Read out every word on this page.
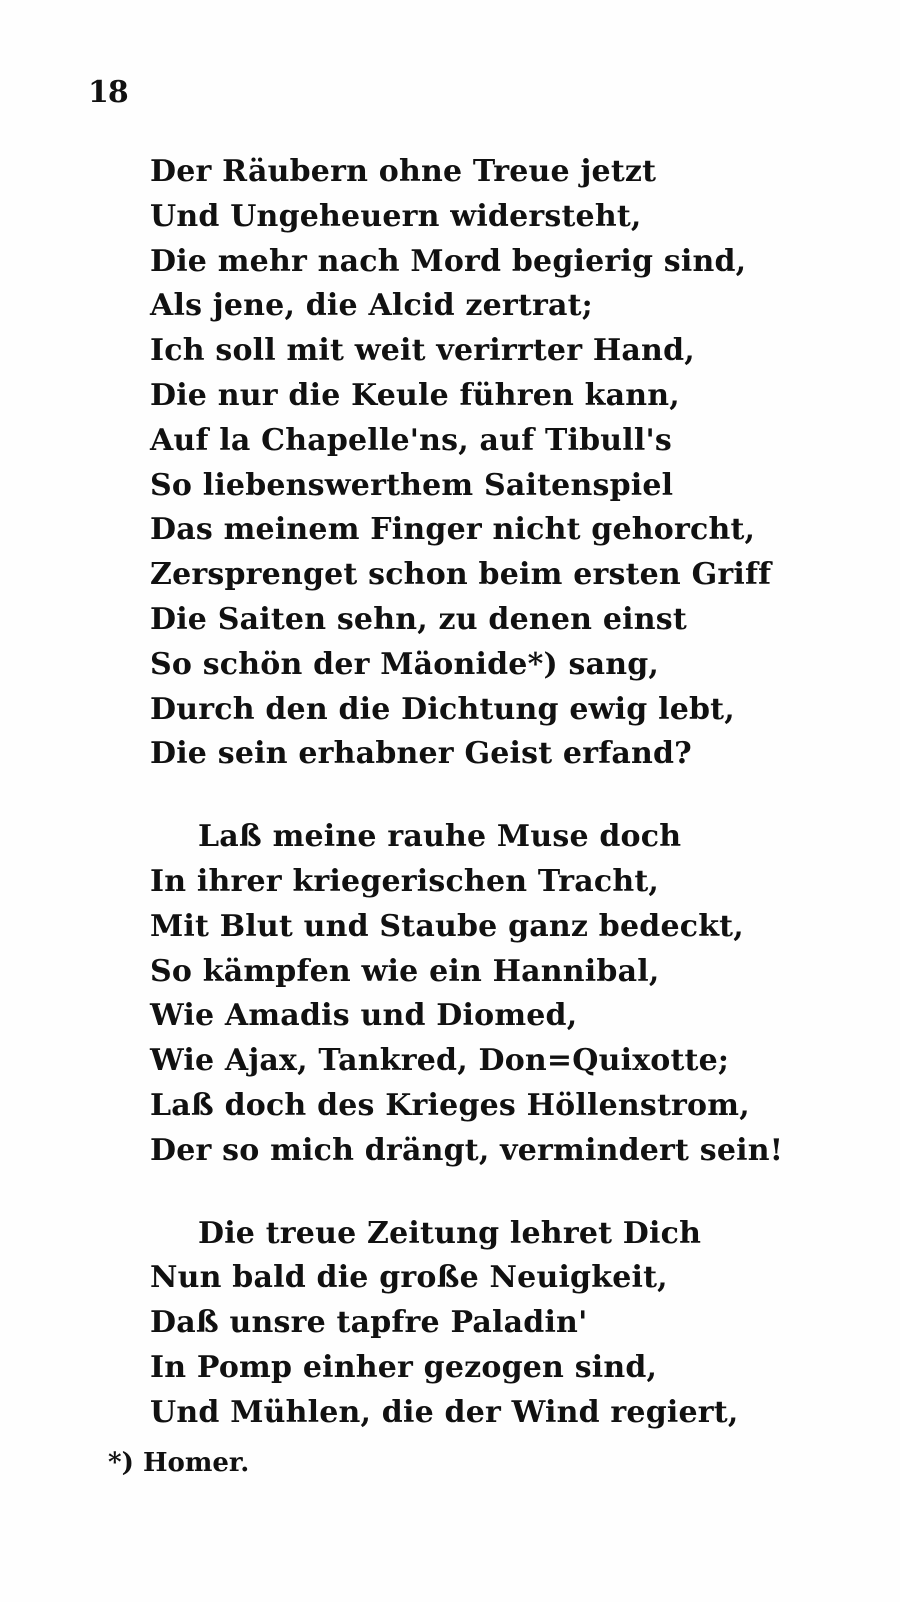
18
Der Räubern ohne Treue jetzt
Und Ungeheuern widersteht,
Die mehr nach Mord begierig sind,
Als jene, die Alcid zertrat;
Ich soll mit weit verirrter Hand,
Die nur die Keule führen kann,
Auf la Chapelle'ns, auf Tibull's
So liebenswerthem Saitenspiel
Das meinem Finger nicht gehorcht,
Zersprenget schon beim ersten Griff
Die Saiten sehn, zu denen einst
So schön der Mäonide*) sang,
Durch den die Dichtung ewig lebt,
Die sein erhabner Geist erfand?
Laß meine rauhe Muse doch
In ihrer kriegerischen Tracht,
Mit Blut und Staube ganz bedeckt,
So kämpfen wie ein Hannibal,
Wie Amadis und Diomed,
Wie Ajax, Tankred, Don=Quixotte;
Laß doch des Krieges Höllenstrom,
Der so mich drängt, vermindert sein!
Die treue Zeitung lehret Dich
Nun bald die große Neuigkeit,
Daß unsre tapfre Paladin'
In Pomp einher gezogen sind,
Und Mühlen, die der Wind regiert,
*) Homer.
